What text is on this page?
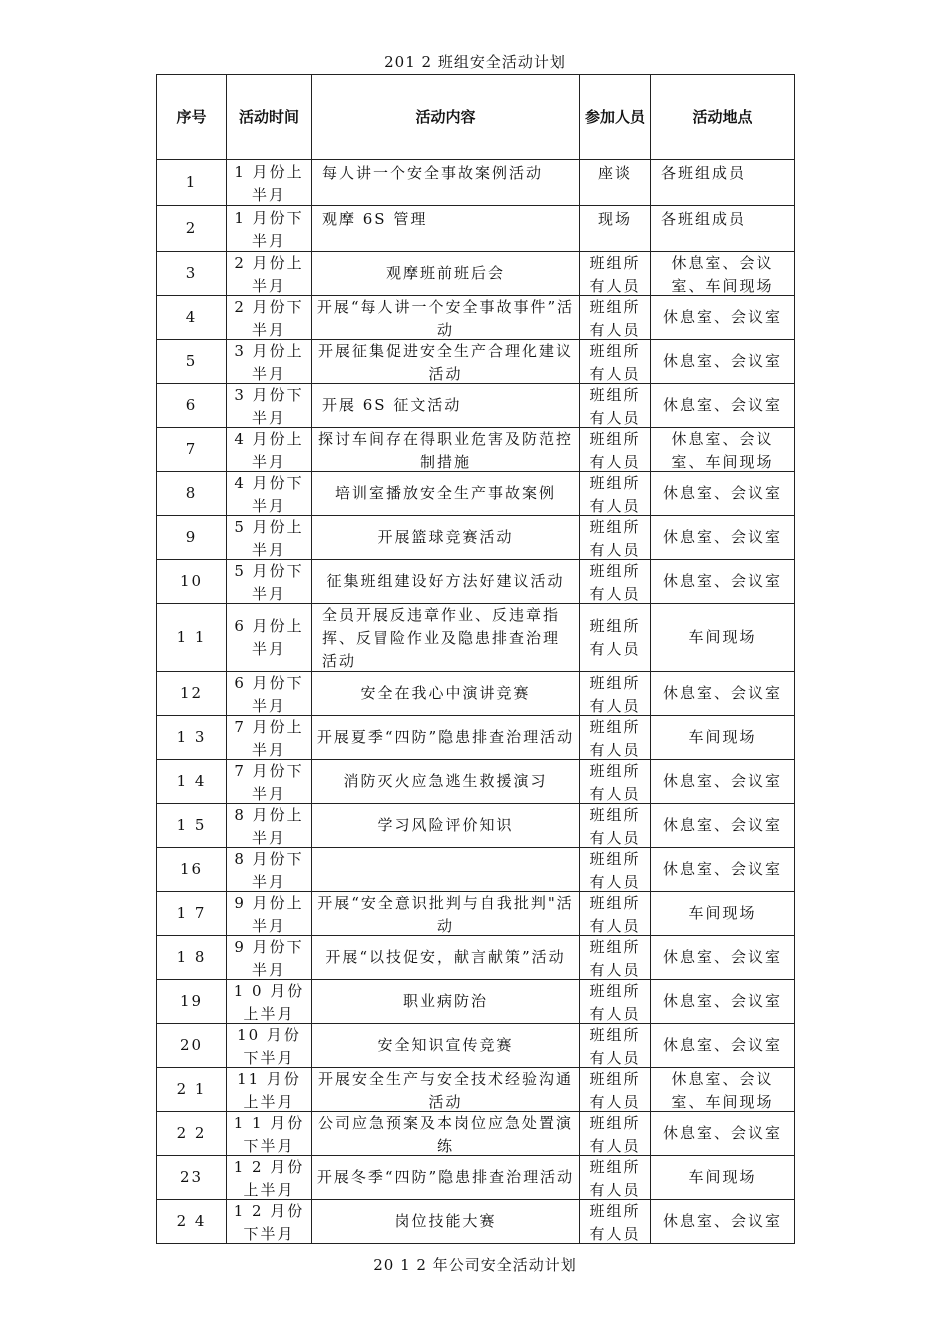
201 2 班组安全活动计划
序号	活动时间	活动内容	参加人员	活动地点

1	1 月份上半月	每人讲一个安全事故案例活动	座谈	各班组成员

2	1 月份下半月	观摩 6S 管理	现场	各班组成员

3	2 月份上半月	观摩班前班后会	班组所有人员	休息室、会议室、车间现场

4	2 月份下半月	开展“每人讲一个安全事故事件”活动	班组所有人员	休息室、会议室

5	3 月份上半月	开展征集促进安全生产合理化建议活动	班组所有人员	休息室、会议室

6	3 月份下半月	开展 6S 征文活动	班组所有人员	休息室、会议室

7	4 月份上半月	探讨车间存在得职业危害及防范控制措施	班组所有人员	休息室、会议室、车间现场

8	4 月份下半月	培训室播放安全生产事故案例	班组所有人员	休息室、会议室

9	5 月份上半月	开展篮球竞赛活动	班组所有人员	休息室、会议室

10	5 月份下半月	征集班组建设好方法好建议活动	班组所有人员	休息室、会议室

1 1	6 月份上半月	全员开展反违章作业、反违章指挥、反冒险作业及隐患排查治理活动	班组所有人员	车间现场

12	6 月份下半月	安全在我心中演讲竞赛	班组所有人员	休息室、会议室

1 3	7 月份上半月	开展夏季“四防”隐患排查治理活动	班组所有人员	车间现场

1 4	7 月份下半月	消防灭火应急逃生救援演习	班组所有人员	休息室、会议室

1 5	8 月份上半月	学习风险评价知识	班组所有人员	休息室、会议室

16	8 月份下半月		班组所有人员	休息室、会议室

1 7	9 月份上半月	开展“安全意识批判与自我批判"活动	班组所有人员	车间现场

1 8	9 月份下半月	开展“以技促安，献言献策”活动	班组所有人员	休息室、会议室

19	1 0 月份上半月	职业病防治	班组所有人员	休息室、会议室

20	10 月份下半月	安全知识宣传竞赛	班组所有人员	休息室、会议室

2 1	11 月份上半月	开展安全生产与安全技术经验沟通活动	班组所有人员	休息室、会议室、车间现场

2 2	1 1 月份下半月	公司应急预案及本岗位应急处置演练	班组所有人员	休息室、会议室

23	1 2 月份上半月	开展冬季“四防”隐患排查治理活动	班组所有人员	车间现场

2 4	1 2 月份下半月	岗位技能大赛	班组所有人员	休息室、会议室
20 1 2 年公司安全活动计划
